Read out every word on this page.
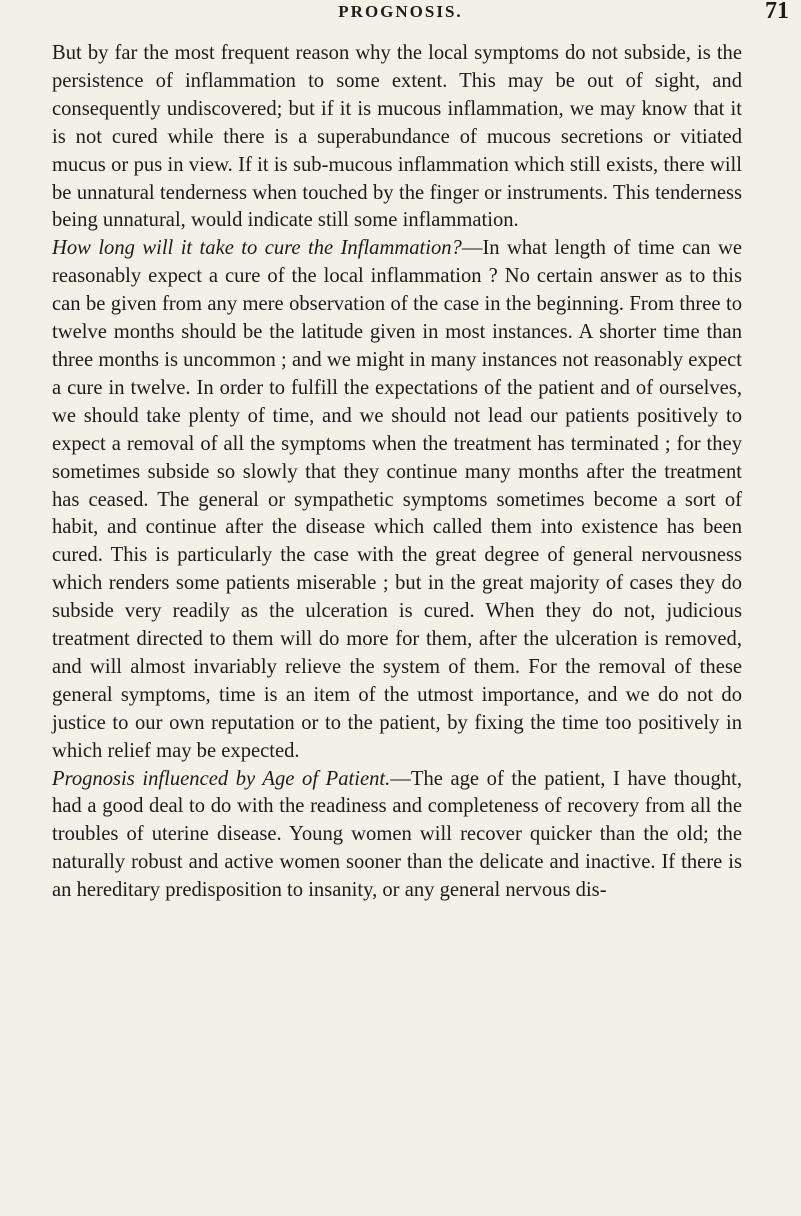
PROGNOSIS.	71

But by far the most frequent reason why the local symptoms do not subside, is the persistence of inflammation to some extent. This may be out of sight, and consequently undiscovered; but if it is mucous inflammation, we may know that it is not cured while there is a superabundance of mucous secretions or vitiated mucus or pus in view. If it is sub-mucous inflammation which still exists, there will be unnatural tenderness when touched by the finger or instruments. This tenderness being unnatural, would indicate still some inflammation.

How long will it take to cure the Inflammation?—In what length of time can we reasonably expect a cure of the local inflammation ? No certain answer as to this can be given from any mere observation of the case in the beginning. From three to twelve months should be the latitude given in most instances. A shorter time than three months is uncommon ; and we might in many instances not reasonably expect a cure in twelve. In order to fulfill the expectations of the patient and of ourselves, we should take plenty of time, and we should not lead our patients positively to expect a removal of all the symptoms when the treatment has terminated ; for they sometimes subside so slowly that they continue many months after the treatment has ceased. The general or sympathetic symptoms sometimes become a sort of habit, and continue after the disease which called them into existence has been cured. This is particularly the case with the great degree of general nervousness which renders some patients miserable ; but in the great majority of cases they do subside very readily as the ulceration is cured. When they do not, judicious treatment directed to them will do more for them, after the ulceration is removed, and will almost invariably relieve the system of them. For the removal of these general symptoms, time is an item of the utmost importance, and we do not do justice to our own reputation or to the patient, by fixing the time too positively in which relief may be expected.

Prognosis influenced by Age of Patient.—The age of the patient, I have thought, had a good deal to do with the readiness and completeness of recovery from all the troubles of uterine disease. Young women will recover quicker than the old; the naturally robust and active women sooner than the delicate and inactive. If there is an hereditary predisposition to insanity, or any general nervous dis-
